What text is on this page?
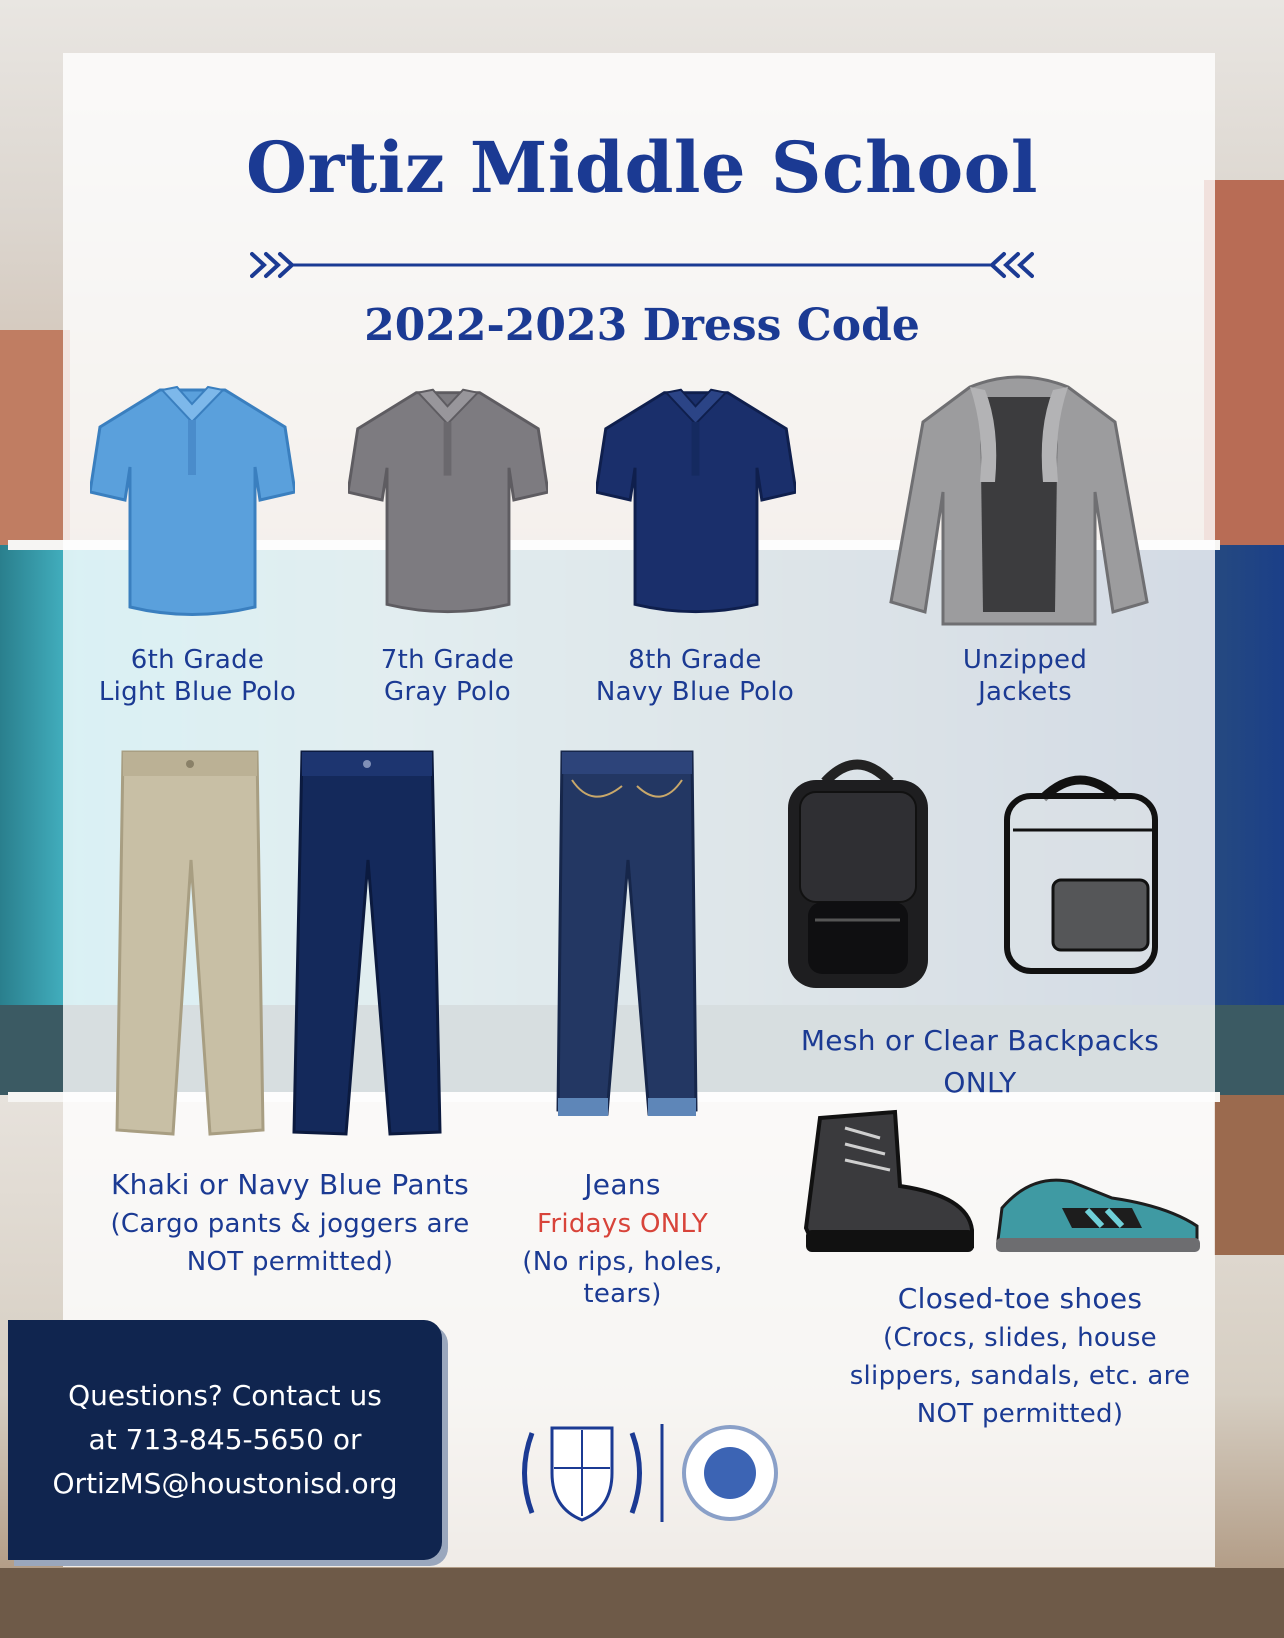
Ortiz Middle School
2022-2023 Dress Code
6th Grade
Light Blue Polo
7th Grade
Gray Polo
8th Grade
Navy Blue Polo
Unzipped
Jackets
Mesh or Clear Backpacks
ONLY
Khaki or Navy Blue Pants
(Cargo pants & joggers are
NOT permitted)
Jeans
Fridays ONLY
(No rips, holes, tears)	Closed-toe shoes
(Crocs, slides, house
slippers, sandals, etc. are
NOT permitted)
Questions? Contact us
at 713-845-5650 or
OrtizMS@houstonisd.org
